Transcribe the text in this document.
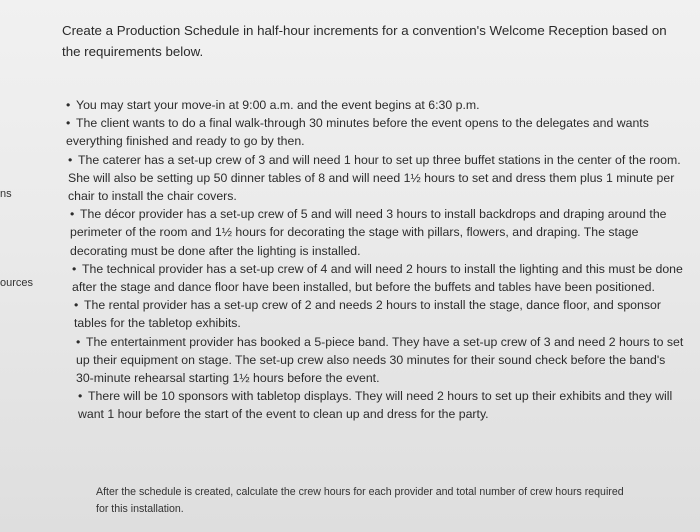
ns
ources
Create a Production Schedule in half-hour increments for a convention's Welcome Reception based on the requirements below.
• You may start your move-in at 9:00 a.m. and the event begins at 6:30 p.m.
• The client wants to do a final walk-through 30 minutes before the event opens to the delegates and wants everything finished and ready to go by then.
• The caterer has a set-up crew of 3 and will need 1 hour to set up three buffet stations in the center of the room. She will also be setting up 50 dinner tables of 8 and will need 1½ hours to set and dress them plus 1 minute per chair to install the chair covers.
• The décor provider has a set-up crew of 5 and will need 3 hours to install backdrops and draping around the perimeter of the room and 1½ hours for decorating the stage with pillars, flowers, and draping. The stage decorating must be done after the lighting is installed.
• The technical provider has a set-up crew of 4 and will need 2 hours to install the lighting and this must be done after the stage and dance floor have been installed, but before the buffets and tables have been positioned.
• The rental provider has a set-up crew of 2 and needs 2 hours to install the stage, dance floor, and sponsor tables for the tabletop exhibits.
• The entertainment provider has booked a 5-piece band. They have a set-up crew of 3 and need 2 hours to set up their equipment on stage. The set-up crew also needs 30 minutes for their sound check before the band's 30-minute rehearsal starting 1½ hours before the event.
• There will be 10 sponsors with tabletop displays. They will need 2 hours to set up their exhibits and they will want 1 hour before the start of the event to clean up and dress for the party.
After the schedule is created, calculate the crew hours for each provider and total number of crew hours required for this installation.
